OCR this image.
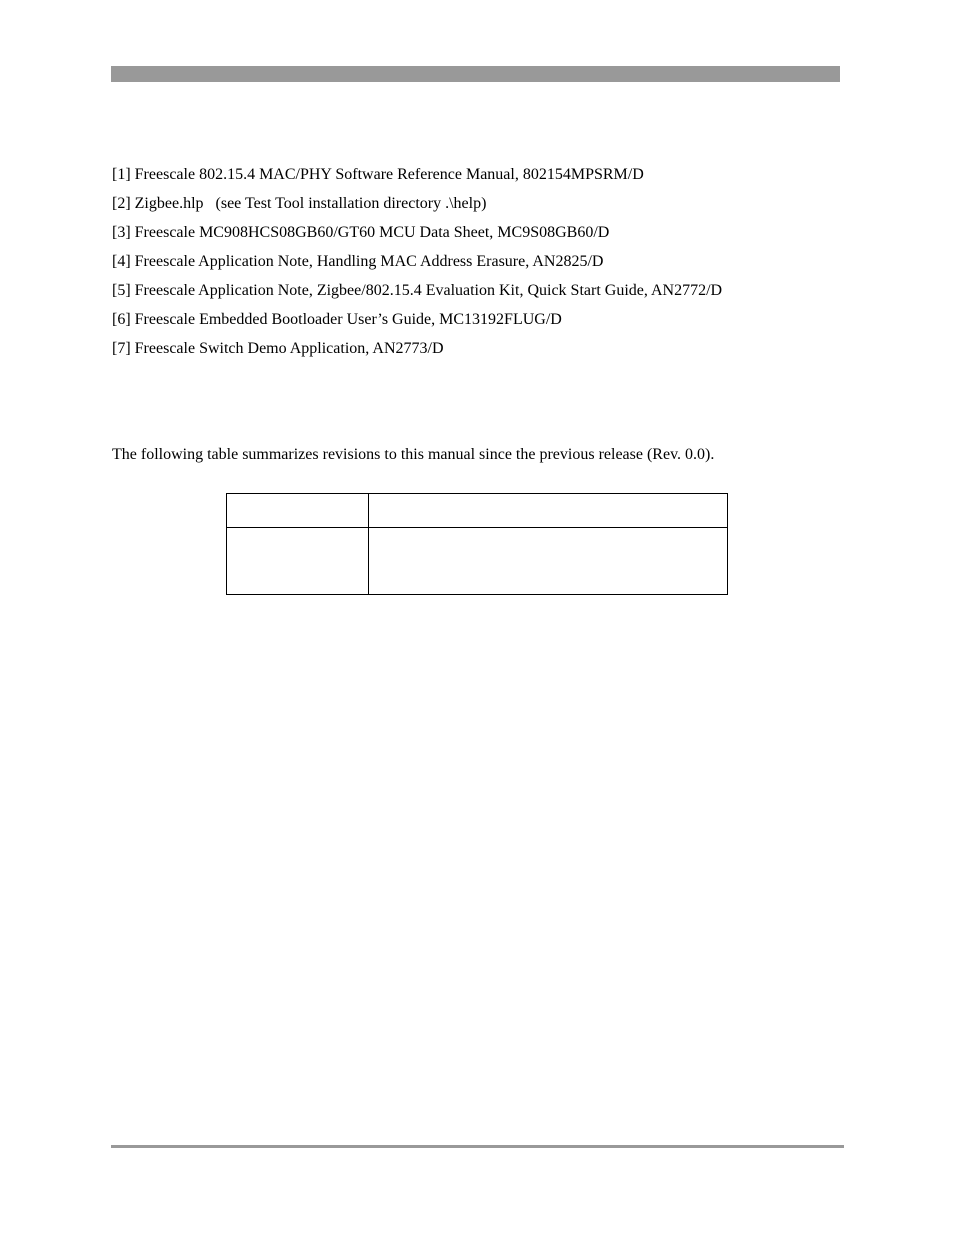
[1] Freescale 802.15.4 MAC/PHY Software Reference Manual, 802154MPSRM/D
[2] Zigbee.hlp   (see Test Tool installation directory .\help)
[3] Freescale MC908HCS08GB60/GT60 MCU Data Sheet, MC9S08GB60/D
[4] Freescale Application Note, Handling MAC Address Erasure, AN2825/D
[5] Freescale Application Note, Zigbee/802.15.4 Evaluation Kit, Quick Start Guide, AN2772/D
[6] Freescale Embedded Bootloader User’s Guide, MC13192FLUG/D
[7] Freescale Switch Demo Application, AN2773/D

The following table summarizes revisions to this manual since the previous release (Rev. 0.0).
